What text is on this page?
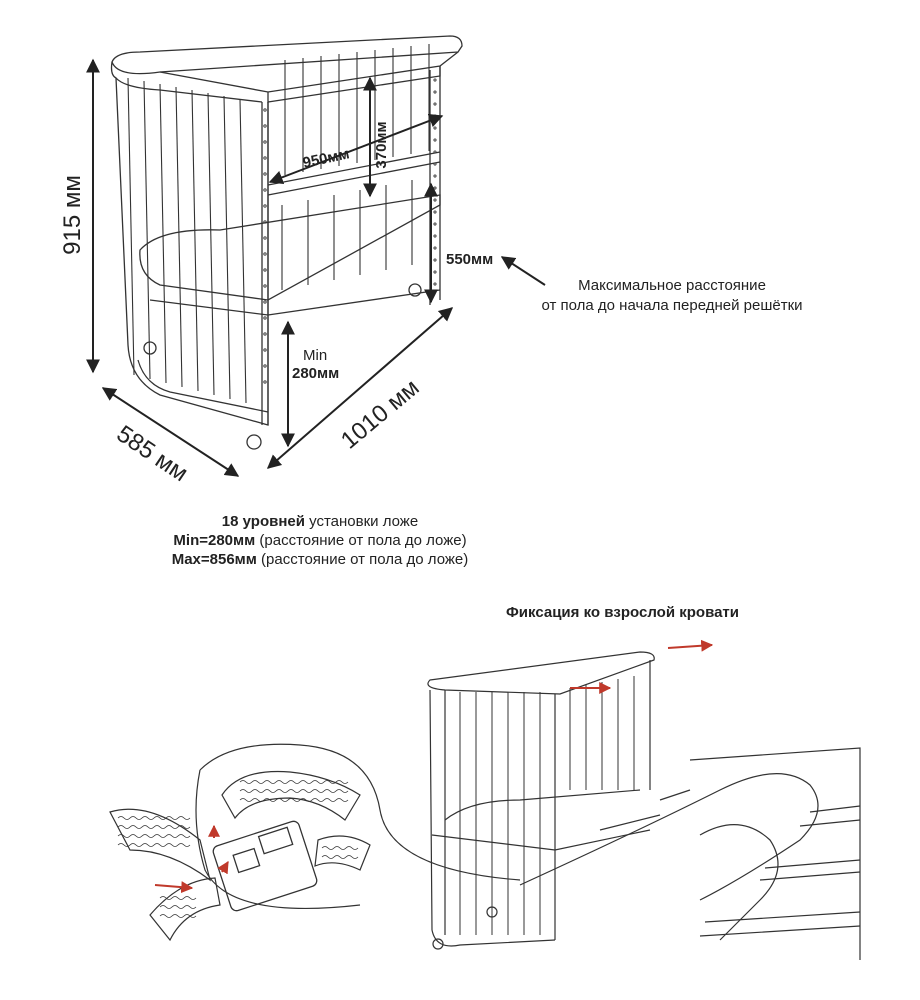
915 мм
585 мм	1010 мм
950мм 370мм
550мм
Min
280мм
Максимальное расстояние
от пола до начала передней решётки
18 уровней установки ложе
Min=280мм (расстояние от пола до ложе)
Max=856мм (расстояние от пола до ложе)
Фиксация ко взрослой кровати
